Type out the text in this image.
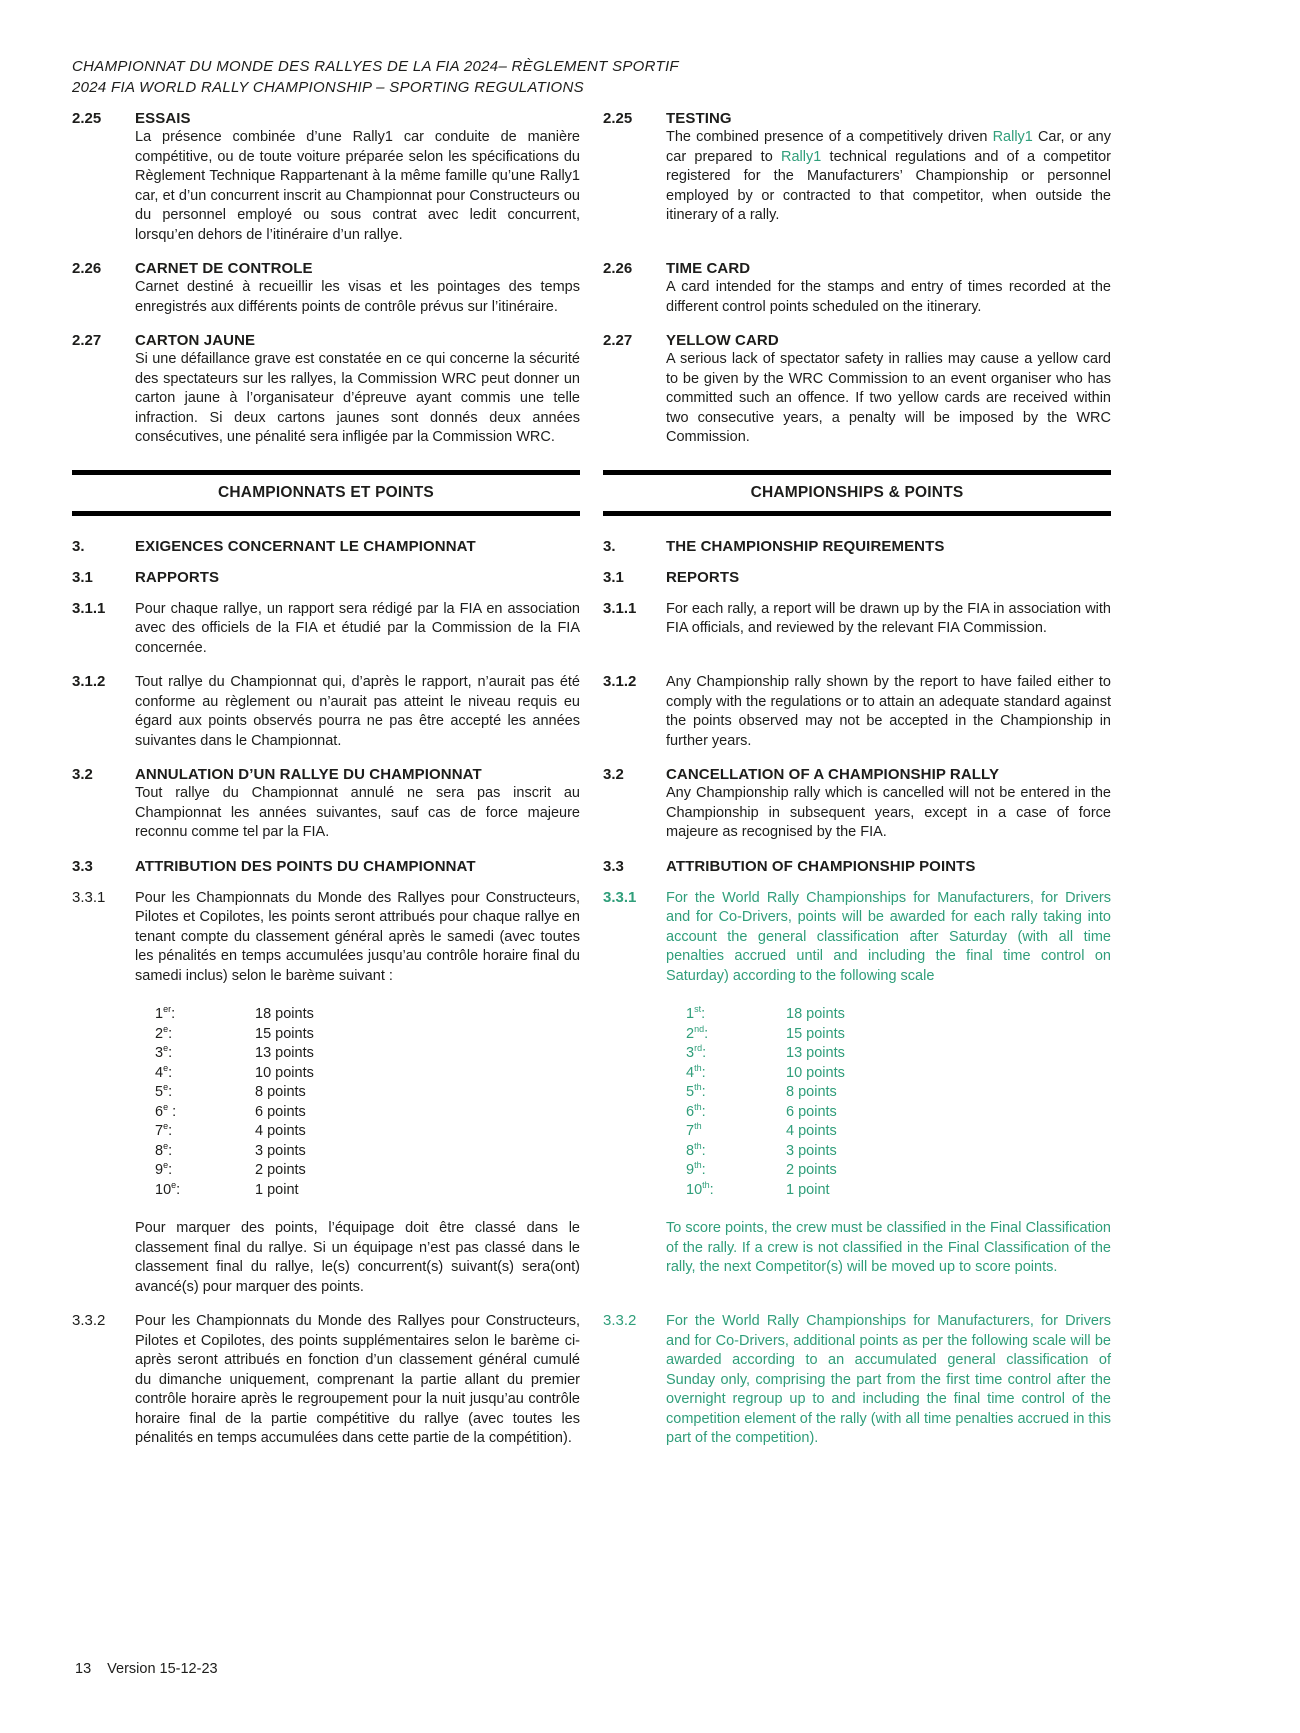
CHAMPIONNAT DU MONDE DES RALLYES DE LA FIA 2024– RÈGLEMENT SPORTIF
2024 FIA WORLD RALLY CHAMPIONSHIP – SPORTING REGULATIONS
2.25	ESSAIS

La présence combinée d’une Rally1 car conduite de manière compétitive, ou de toute voiture préparée selon les spécifications du Règlement Technique Rappartenant à la même famille qu’une Rally1 car, et d’un concurrent inscrit au Championnat pour Constructeurs ou du personnel employé ou sous contrat avec ledit concurrent, lorsqu’en dehors de l’itinéraire d’un rallye.

2.25	TESTING

The combined presence of a competitively driven Rally1 Car, or any car prepared to Rally1 technical regulations and of a competitor registered for the Manufacturers’ Championship or personnel employed by or contracted to that competitor, when outside the itinerary of a rally.

2.26	CARNET DE CONTROLE

Carnet destiné à recueillir les visas et les pointages des temps enregistrés aux différents points de contrôle prévus sur l’itinéraire.

2.26	TIME CARD

A card intended for the stamps and entry of times recorded at the different control points scheduled on the itinerary.

2.27	CARTON JAUNE

Si une défaillance grave est constatée en ce qui concerne la sécurité des spectateurs sur les rallyes, la Commission WRC peut donner un carton jaune à l’organisateur d’épreuve ayant commis une telle infraction. Si deux cartons jaunes sont donnés deux années consécutives, une pénalité sera infligée par la Commission WRC.

2.27	YELLOW CARD

A serious lack of spectator safety in rallies may cause a yellow card to be given by the WRC Commission to an event organiser who has committed such an offence. If two yellow cards are received within two consecutive years, a penalty will be imposed by the WRC Commission.

CHAMPIONNATS ET POINTS	CHAMPIONSHIPS & POINTS
3.	EXIGENCES CONCERNANT LE CHAMPIONNAT	3.	THE CHAMPIONSHIP REQUIREMENTS
3.1	RAPPORTS	3.1	REPORTS
3.1.1	Pour chaque rallye, un rapport sera rédigé par la FIA en association avec des officiels de la FIA et étudié par la Commission de la FIA concernée.

3.1.1	For each rally, a report will be drawn up by the FIA in association with FIA officials, and reviewed by the relevant FIA Commission.

3.1.2	Tout rallye du Championnat qui, d’après le rapport, n’aurait pas été conforme au règlement ou n’aurait pas atteint le niveau requis eu égard aux points observés pourra ne pas être accepté les années suivantes dans le Championnat.

3.1.2	Any Championship rally shown by the report to have failed either to comply with the regulations or to attain an adequate standard against the points observed may not be accepted in the Championship in further years.

3.2	ANNULATION D’UN RALLYE DU CHAMPIONNAT

Tout rallye du Championnat annulé ne sera pas inscrit au Championnat les années suivantes, sauf cas de force majeure reconnu comme tel par la FIA.

3.2	CANCELLATION OF A CHAMPIONSHIP RALLY

Any Championship rally which is cancelled will not be entered in the Championship in subsequent years, except in a case of force majeure as recognised by the FIA.

3.3	ATTRIBUTION DES POINTS DU CHAMPIONNAT	3.3	ATTRIBUTION OF CHAMPIONSHIP POINTS
3.3.1	Pour les Championnats du Monde des Rallyes pour Constructeurs, Pilotes et Copilotes, les points seront attribués pour chaque rallye en tenant compte du classement général après le samedi (avec toutes les pénalités en temps accumulées jusqu’au contrôle horaire final du samedi inclus) selon le barème suivant :

1er:	18 points
2e:	15 points
3e:	13 points
4e:	10 points
5e:	8 points
6e :	6 points
7e:	4 points
8e:	3 points
9e:	2 points
10e:	1 point

Pour marquer des points, l’équipage doit être classé dans le classement final du rallye. Si un équipage n’est pas classé dans le classement final du rallye, le(s) concurrent(s) suivant(s) sera(ont) avancé(s) pour marquer des points.

3.3.1	For the World Rally Championships for Manufacturers, for Drivers and for Co-Drivers, points will be awarded for each rally taking into account the general classification after Saturday (with all time penalties accrued until and including the final time control on Saturday) according to the following scale

1st:	18 points
2nd:	15 points
3rd:	13 points
4th:	10 points
5th:	8 points
6th:	6 points
7th	4 points
8th:	3 points
9th:	2 points
10th:	1 point

To score points, the crew must be classified in the Final Classification of the rally. If a crew is not classified in the Final Classification of the rally, the next Competitor(s) will be moved up to score points.

3.3.2	Pour les Championnats du Monde des Rallyes pour Constructeurs, Pilotes et Copilotes, des points supplémentaires selon le barème ci-après seront attribués en fonction d’un classement général cumulé du dimanche uniquement, comprenant la partie allant du premier contrôle horaire après le regroupement pour la nuit jusqu’au contrôle horaire final de la partie compétitive du rallye (avec toutes les pénalités en temps accumulées dans cette partie de la compétition).

3.3.2	For the World Rally Championships for Manufacturers, for Drivers and for Co-Drivers, additional points as per the following scale will be awarded according to an accumulated general classification of Sunday only, comprising the part from the first time control after the overnight regroup up to and including the final time control of the competition element of the rally (with all time penalties accrued in this part of the competition).

13 Version 15-12-23
